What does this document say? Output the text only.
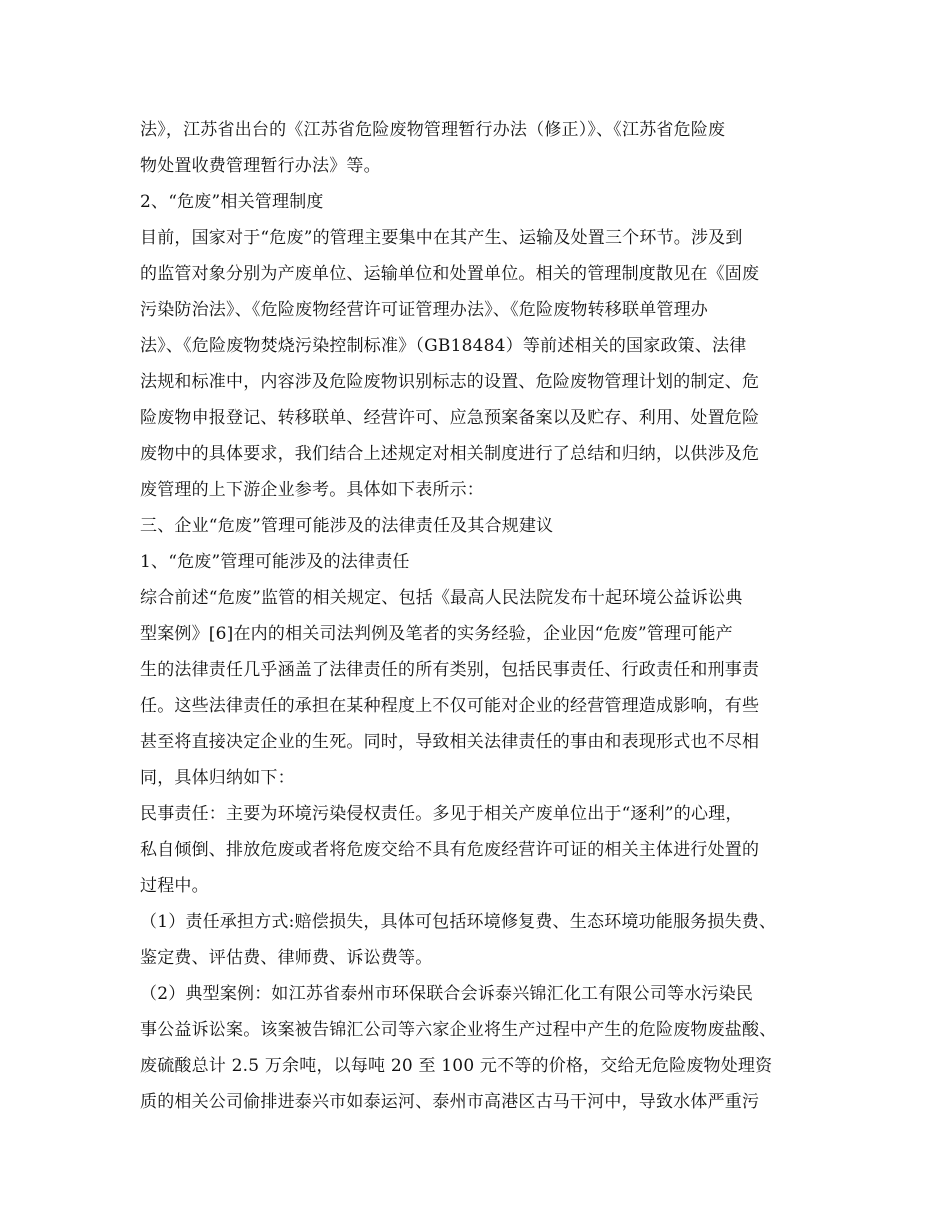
法》，江苏省出台的《江苏省危险废物管理暂行办法（修正）》、《江苏省危险废
物处置收费管理暂行办法》等。
2、“危废”相关管理制度
目前，国家对于“危废”的管理主要集中在其产生、运输及处置三个环节。涉及到
的监管对象分别为产废单位、运输单位和处置单位。相关的管理制度散见在《固废
污染防治法》、《危险废物经营许可证管理办法》、《危险废物转移联单管理办
法》、《危险废物焚烧污染控制标准》（GB18484）等前述相关的国家政策、法律
法规和标准中，内容涉及危险废物识别标志的设置、危险废物管理计划的制定、危
险废物申报登记、转移联单、经营许可、应急预案备案以及贮存、利用、处置危险
废物中的具体要求，我们结合上述规定对相关制度进行了总结和归纳，以供涉及危
废管理的上下游企业参考。具体如下表所示：
三、企业“危废”管理可能涉及的法律责任及其合规建议
1、“危废”管理可能涉及的法律责任
综合前述“危废”监管的相关规定、包括《最高人民法院发布十起环境公益诉讼典
型案例》[6]在内的相关司法判例及笔者的实务经验，企业因“危废”管理可能产
生的法律责任几乎涵盖了法律责任的所有类别，包括民事责任、行政责任和刑事责
任。这些法律责任的承担在某种程度上不仅可能对企业的经营管理造成影响，有些
甚至将直接决定企业的生死。同时，导致相关法律责任的事由和表现形式也不尽相
同，具体归纳如下：
民事责任：主要为环境污染侵权责任。多见于相关产废单位出于“逐利”的心理，
私自倾倒、排放危废或者将危废交给不具有危废经营许可证的相关主体进行处置的
过程中。
（1）责任承担方式:赔偿损失，具体可包括环境修复费、生态环境功能服务损失费、
鉴定费、评估费、律师费、诉讼费等。
（2）典型案例：如江苏省泰州市环保联合会诉泰兴锦汇化工有限公司等水污染民
事公益诉讼案。该案被告锦汇公司等六家企业将生产过程中产生的危险废物废盐酸、
废硫酸总计 2.5 万余吨，以每吨 20 至 100 元不等的价格，交给无危险废物处理资
质的相关公司偷排进泰兴市如泰运河、泰州市高港区古马干河中，导致水体严重污
